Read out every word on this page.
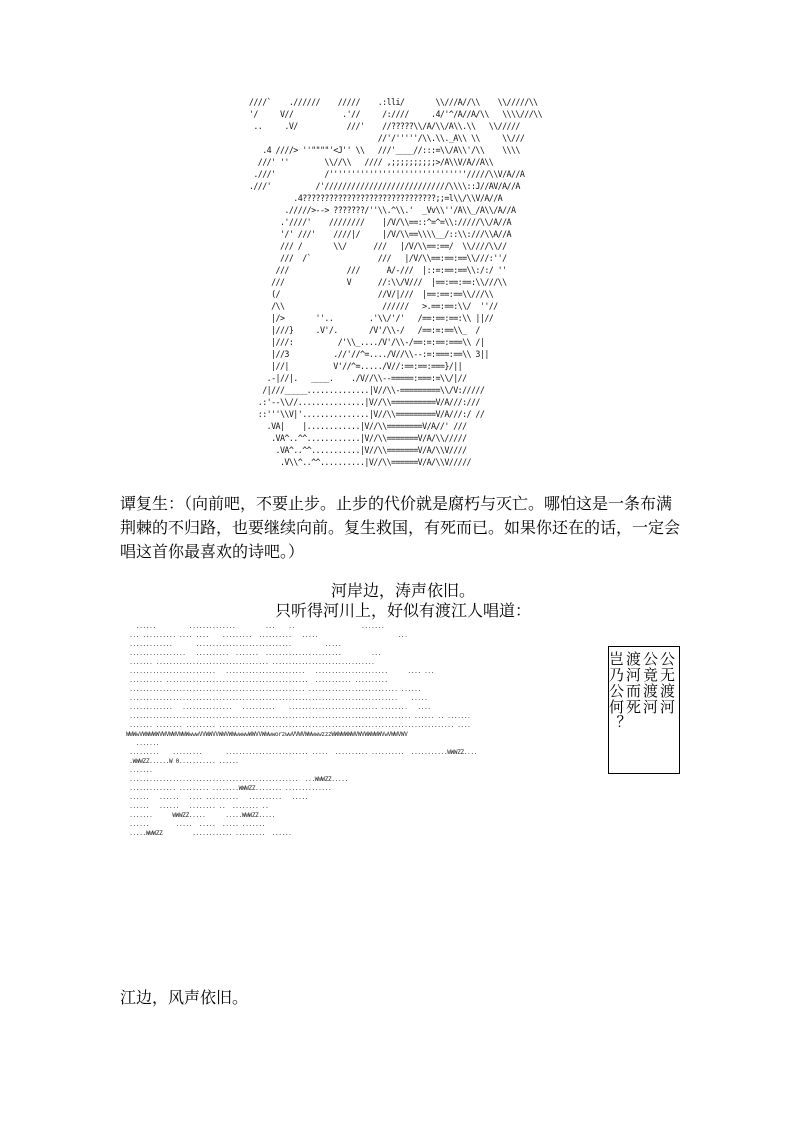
////`    .//////    /////    .:lli/       \\///A//\\    \\/////\\
'/     V//           .'//     /:////     .4/'^/A//A/\\   \\\\///\\
..     .V/           ///'    //?????\\/A/\\/A\\.\\   \\/////
//'/'''''/\\.\\._A\\ \\     \\///
.4 ////> ''""""'<J'' \\   ///'____//:::=\\/A\\'/\\    \\\\
///' ''        \\//\\   //// ,;;;;;;;;;;>/A\\V/A//A\\
.///'           /'''''''''''''''''''''''''''''''/////\\V/A//A
.///'          /'////////////////////////////\\\\::J//AV/A//A
.4??????????????????????????????;;=l\\/\\V/A//A
./////>--> ???????/''\\.^\\.'  _Vv\\''/A\\_/A\\/A//A
.'////'    ////////    |/V/\\==::^=^=\\://///\\/A//A
'/' ///'    ////|/     |/V/\\==\\\\__/::\\:///\\A//A
/// /       \\/      ///   |/V/\\==:==/  \\////\\//
///  /`               ///   |/V/\\==:==:==\\///:''/
///             ///      A/-///  |::=:==:==\\:/:/ ''
///              V      //:\\/V///  |==:==:==:\\///\\
(/                      //V/|///  |==:==:==\\///\\
/\\                      //////   >.==:==:\\/  ''//
|/>       ''..        .'\\/'/'   /==:==:==:\\ ||//
|///}     .V'/.       /V'/\\-/   /==:=:==\\_  /
|///:          /'\\_..../V'/\\-/==:=:==:===\\ /|
|//3          .//'//^=..../V//\\--:=:===:==\\ 3||
|//|          V'//^=...../V//:==:==:===}/||
.-|//|.   ____.    ./V//\\--=====:===:=\\/|//
/|///_____..............|V//\\-=========\\/V://///
.:'--\\//...............|V//\\==========V/A///:///
::'''\\V|'...............|V//\\=========V/A///:/ //
.VA|    |............|V//\\========V/A//' ///
.VA^..^^............|V//\\=======V/A/\\/////
.VA^..^^...........|V//\\=======V/A/\\V////
.V\\^..^^..........|V//\\======V/A/\\V/////

谭复生：（向前吧，不要止步。止步的代价就是腐朽与灭亡。哪怕这是一条布满荆棘的不归路，也要继续向前。复生救国，有死而已。如果你还在的话，一定会唱这首你最喜欢的诗吧。）

河岸边，涛声依旧。

只听得河川上，好似有渡江人唱道：

......          ..............         ...    ..                    .......
... .......... .... ....    .........  ..........   .....                        ...
.............       .............................          .....
.................   ..........  .......  .......................         ...
....... .................................. ...............................
..........................   ........................   ......................      .... ...
.......... ...........................................  ........... ..........
..................................................... ........................... ......
.................................................................................    .....
.............   ...............   ..........    ........................... ........   ....
..................................................................................... ...... .. .......
....... ........ ......... ....................................................................... ....
WWWwVWWWWWVWVWWVWWWwwwVVWWVVWWVWWwwwwWWVVWWwworzwwVVWVWWwwwzzzWWWWWWWVWVWWWWWVwVWWVWV
.......
.........    .........       ......................... .....  .......... ..........  ...........WWWZZ....
.WWWZZ......W 0........... ......
.......
...................................................  ...WWWZZ.....
.............. ......... ........WWWZZ........ ..............
......   ......   .... ..........   ..........   .....
......   ......   ........ ..  ........ ..
.......      WWWZZ.....      .....WWWZZ.....
......        .....  .....  ..... .......
.....WWWZZ         ............ .........  ......
公无渡河
公竟渡河
渡河而死
岂乃公何？

江边，风声依旧。
